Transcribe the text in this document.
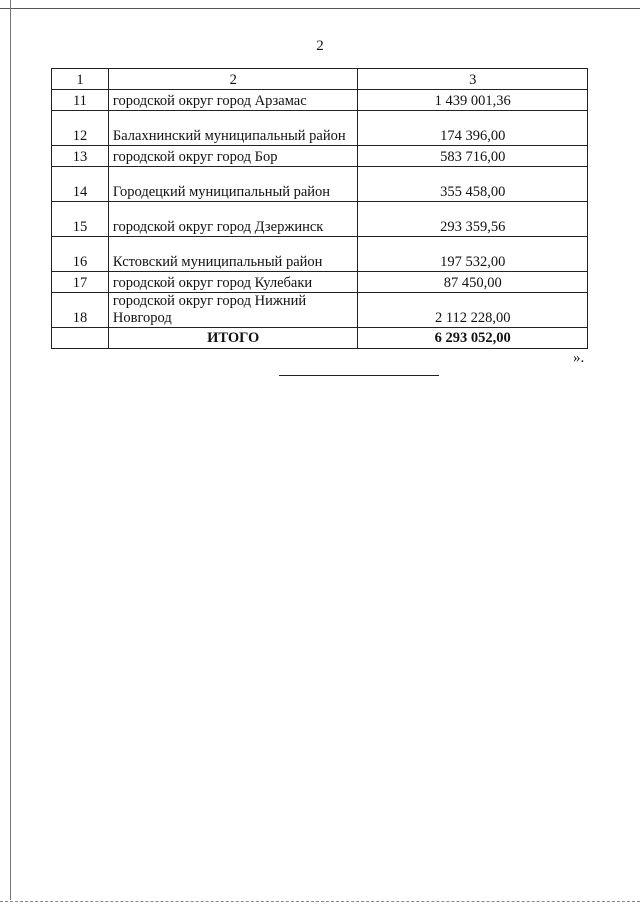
2
1	2	3
11	городской округ город Арзамас	1 439 001,36
12	Балахнинский муниципальный район	174 396,00
13	городской округ город Бор	583 716,00
14	Городецкий муниципальный район	355 458,00
15	городской округ город Дзержинск	293 359,56
16	Кстовский муниципальный район	197 532,00
17	городской округ город Кулебаки	87 450,00
18	городской округ город Нижний Новгород	2 112 228,00
	ИТОГО	6 293 052,00
».
